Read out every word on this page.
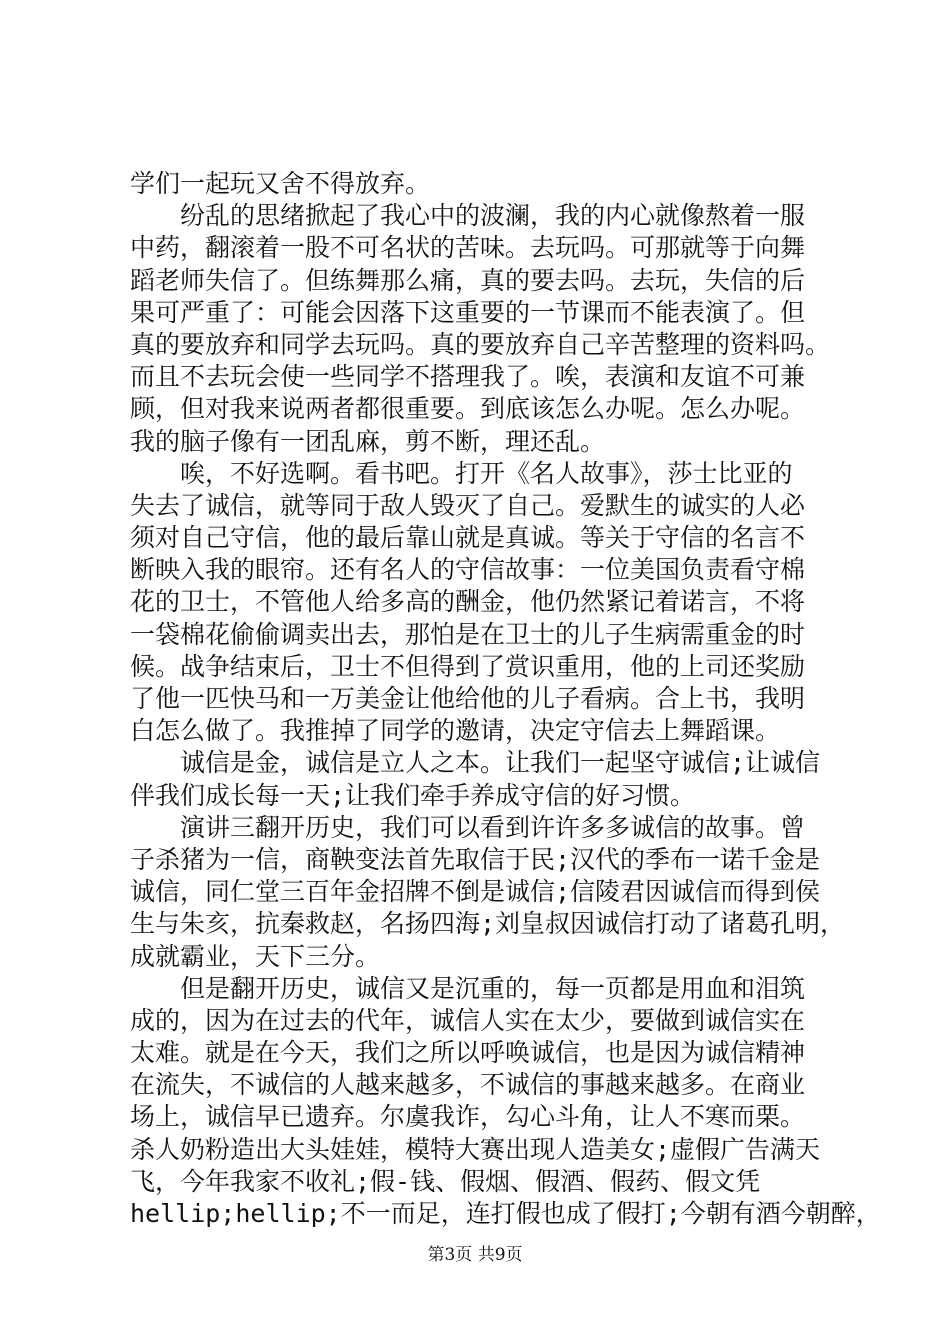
学们一起玩又舍不得放弃。
纷乱的思绪掀起了我心中的波澜，我的内心就像熬着一服
中药，翻滚着一股不可名状的苦味。去玩吗。可那就等于向舞
蹈老师失信了。但练舞那么痛，真的要去吗。去玩，失信的后
果可严重了：可能会因落下这重要的一节课而不能表演了。但
真的要放弃和同学去玩吗。真的要放弃自己辛苦整理的资料吗。
而且不去玩会使一些同学不搭理我了。唉，表演和友谊不可兼
顾，但对我来说两者都很重要。到底该怎么办呢。怎么办呢。
我的脑子像有一团乱麻，剪不断，理还乱。
唉，不好选啊。看书吧。打开《名人故事》，莎士比亚的
失去了诚信，就等同于敌人毁灭了自己。爱默生的诚实的人必
须对自己守信，他的最后靠山就是真诚。等关于守信的名言不
断映入我的眼帘。还有名人的守信故事：一位美国负责看守棉
花的卫士，不管他人给多高的酬金，他仍然紧记着诺言，不将
一袋棉花偷偷调卖出去，那怕是在卫士的儿子生病需重金的时
候。战争结束后，卫士不但得到了赏识重用，他的上司还奖励
了他一匹快马和一万美金让他给他的儿子看病。合上书，我明
白怎么做了。我推掉了同学的邀请，决定守信去上舞蹈课。
诚信是金，诚信是立人之本。让我们一起坚守诚信;让诚信
伴我们成长每一天;让我们牵手养成守信的好习惯。
演讲三翻开历史，我们可以看到许许多多诚信的故事。曾
子杀猪为一信，商鞅变法首先取信于民;汉代的季布一诺千金是
诚信，同仁堂三百年金招牌不倒是诚信;信陵君因诚信而得到侯
生与朱亥，抗秦救赵，名扬四海;刘皇叔因诚信打动了诸葛孔明，
成就霸业，天下三分。
但是翻开历史，诚信又是沉重的，每一页都是用血和泪筑
成的，因为在过去的代年，诚信人实在太少，要做到诚信实在
太难。就是在今天，我们之所以呼唤诚信，也是因为诚信精神
在流失，不诚信的人越来越多，不诚信的事越来越多。在商业
场上，诚信早已遗弃。尔虞我诈，勾心斗角，让人不寒而栗。
杀人奶粉造出大头娃娃，模特大赛出现人造美女;虚假广告满天
飞，今年我家不收礼;假-钱、假烟、假酒、假药、假文凭
hellip;hellip;不一而足，连打假也成了假打;今朝有酒今朝醉，
第3页 共9页
